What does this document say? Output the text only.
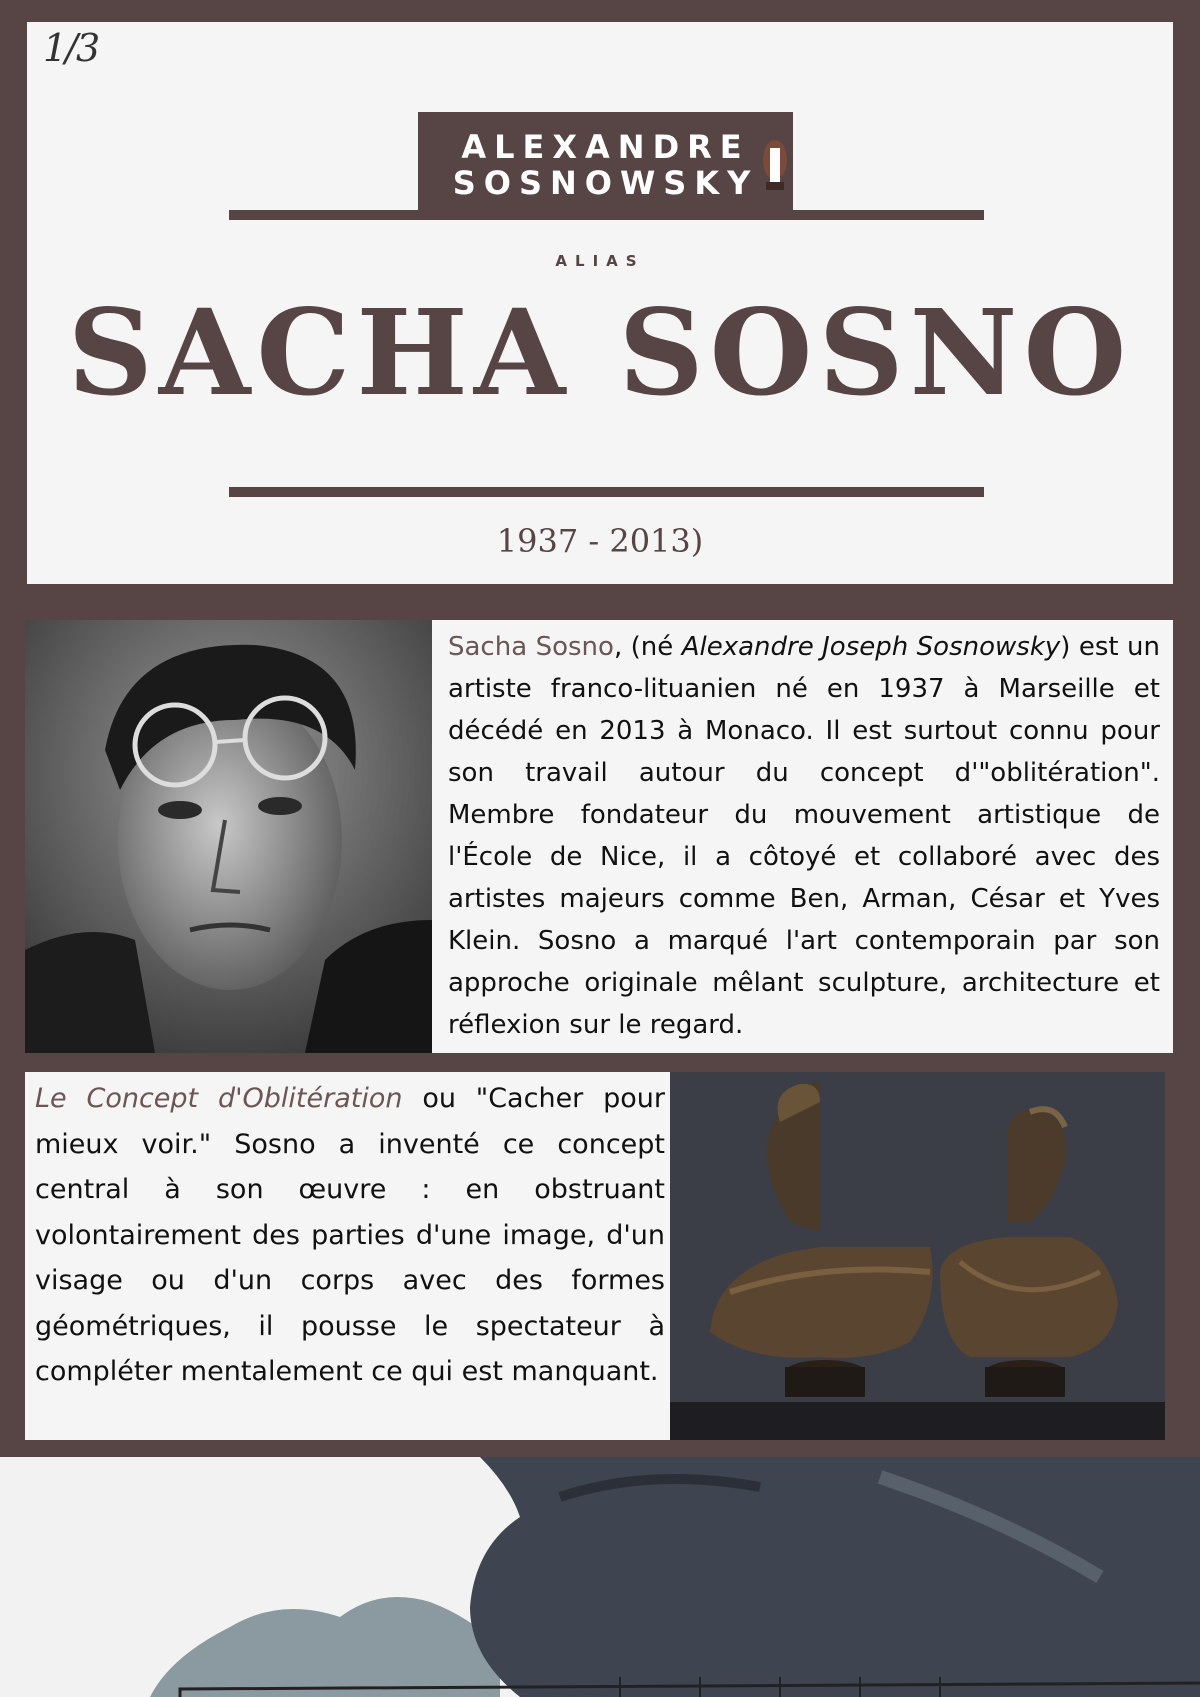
1/3
ALEXANDRE
SOSNOWSKY
ALIAS
SACHA SOSNO
1937 - 2013)
Sacha Sosno, (né Alexandre Joseph Sosnowsky) est un artiste franco-lituanien né en 1937 à Marseille et décédé en 2013 à Monaco. Il est surtout connu pour son travail autour du concept d'"oblitération". Membre fondateur du mouvement artistique de l'École de Nice, il a côtoyé et collaboré avec des artistes majeurs comme Ben, Arman, César et Yves Klein. Sosno a marqué l'art contemporain par son approche originale mêlant sculpture, architecture et réflexion sur le regard.
Le Concept d'Oblitération ou "Cacher pour mieux voir." Sosno a inventé ce concept central à son œuvre : en obstruant volontairement des parties d'une image, d'un visage ou d'un corps avec des formes géométriques, il pousse le spectateur à compléter mentalement ce qui est manquant.
